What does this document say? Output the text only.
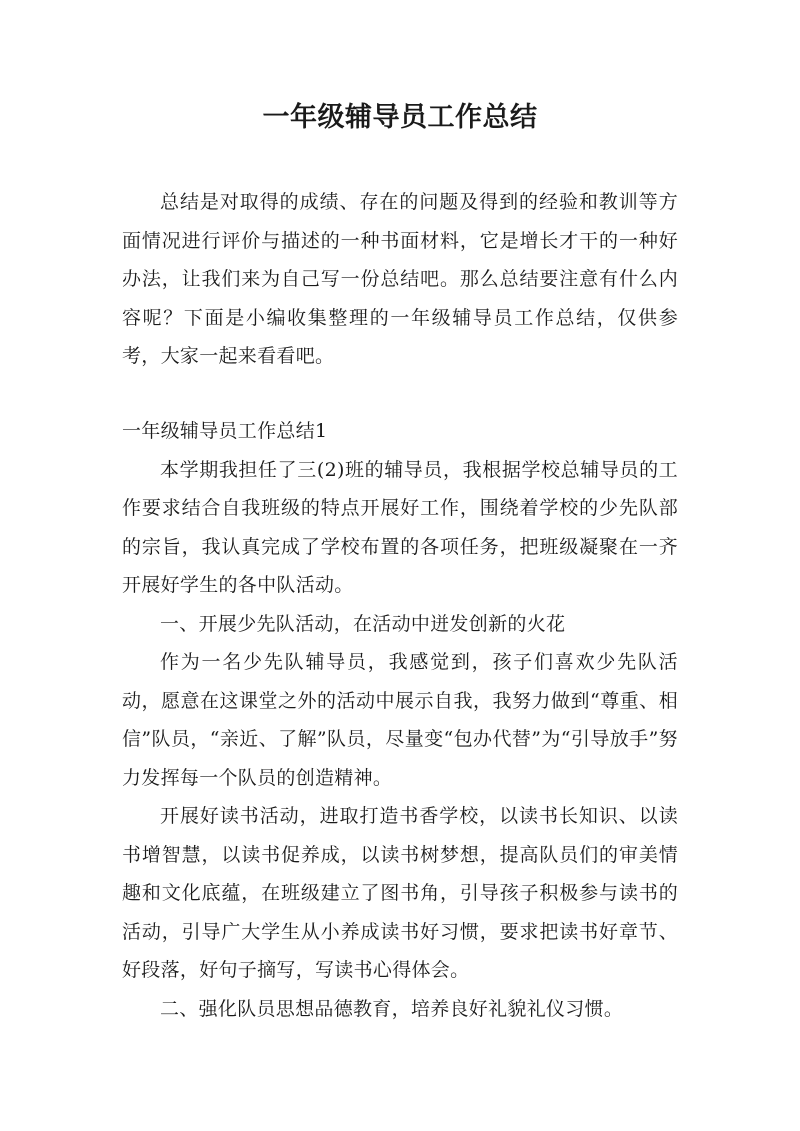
一年级辅导员工作总结

总结是对取得的成绩、存在的问题及得到的经验和教训等方面情况进行评价与描述的一种书面材料，它是增长才干的一种好办法，让我们来为自己写一份总结吧。那么总结要注意有什么内容呢？下面是小编收集整理的一年级辅导员工作总结，仅供参考，大家一起来看看吧。

一年级辅导员工作总结1

本学期我担任了三(2)班的辅导员，我根据学校总辅导员的工作要求结合自我班级的特点开展好工作，围绕着学校的少先队部的宗旨，我认真完成了学校布置的各项任务，把班级凝聚在一齐开展好学生的各中队活动。

一、开展少先队活动，在活动中迸发创新的火花

作为一名少先队辅导员，我感觉到，孩子们喜欢少先队活动，愿意在这课堂之外的活动中展示自我，我努力做到“尊重、相信”队员，“亲近、了解”队员，尽量变“包办代替”为“引导放手”努力发挥每一个队员的创造精神。

开展好读书活动，进取打造书香学校，以读书长知识、以读书增智慧，以读书促养成，以读书树梦想，提高队员们的审美情趣和文化底蕴，在班级建立了图书角，引导孩子积极参与读书的活动，引导广大学生从小养成读书好习惯，要求把读书好章节、好段落，好句子摘写，写读书心得体会。

二、强化队员思想品德教育，培养良好礼貌礼仪习惯。
